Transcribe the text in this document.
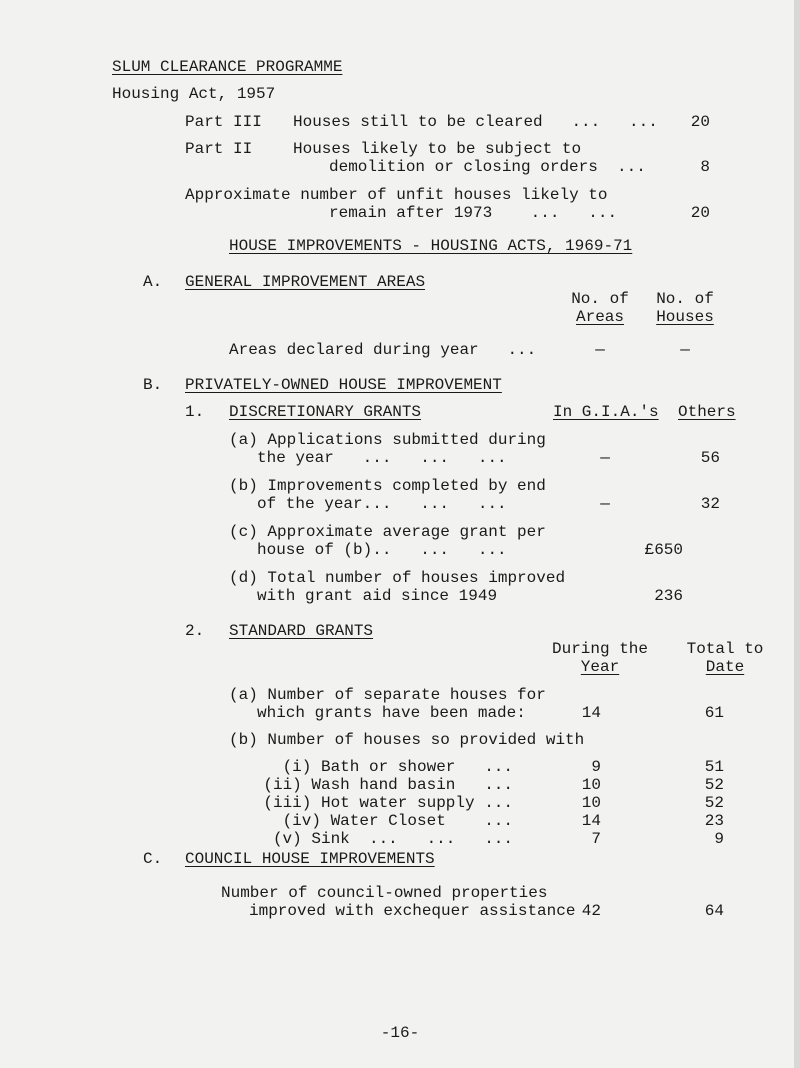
SLUM CLEARANCE PROGRAMME
Housing Act, 1957
Part III Houses still to be cleared   ...   ...	20
Part II	Houses likely to be subject to
demolition or closing orders  ...	8
Approximate number of unfit houses likely to
remain after 1973    ...   ...	20
HOUSE IMPROVEMENTS - HOUSING ACTS, 1969-71
A. GENERAL IMPROVEMENT AREAS
No. of
Areas
No. of
Houses
Areas declared during year   ...	—	—
B. PRIVATELY-OWNED HOUSE IMPROVEMENT
1. DISCRETIONARY GRANTS	In G.I.A.'s Others
(a) Applications submitted during
the year   ...   ...   ...	—	56
(b) Improvements completed by end
of the year...   ...   ...	—	32
(c) Approximate average grant per
house of (b)..   ...   ...	£650
(d) Total number of houses improved
with grant aid since 1949	236
2. STANDARD GRANTS
During the
Year
Total to
Date
(a) Number of separate houses for
which grants have been made:	14	61
(b) Number of houses so provided with
(i) Bath or shower   ...	9	51
(ii) Wash hand basin   ...	10	52
(iii) Hot water supply ...	10	52
(iv) Water Closet    ...	14	23
(v) Sink  ...   ...   ...	7	9
C. COUNCIL HOUSE IMPROVEMENTS
Number of council-owned properties
improved with exchequer assistance 42	64
-16-
